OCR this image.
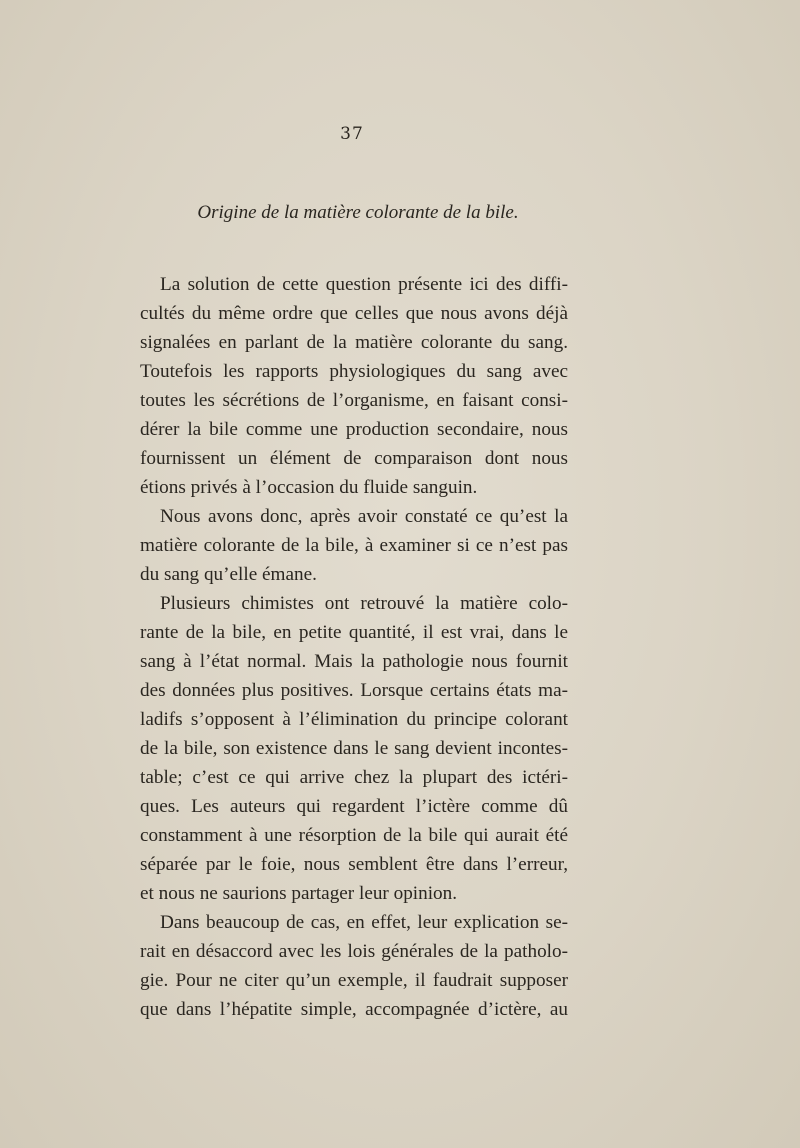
37
Origine de la matière colorante de la bile.
La solution de cette question présente ici des diffi-
cultés du même ordre que celles que nous avons déjà
signalées en parlant de la matière colorante du sang.
Toutefois les rapports physiologiques du sang avec
toutes les sécrétions de l’organisme, en faisant consi-
dérer la bile comme une production secondaire, nous
fournissent un élément de comparaison dont nous
étions privés à l’occasion du fluide sanguin.
Nous avons donc, après avoir constaté ce qu’est la
matière colorante de la bile, à examiner si ce n’est pas
du sang qu’elle émane.
Plusieurs chimistes ont retrouvé la matière colo-
rante de la bile, en petite quantité, il est vrai, dans le
sang à l’état normal. Mais la pathologie nous fournit
des données plus positives. Lorsque certains états ma-
ladifs s’opposent à l’élimination du principe colorant
de la bile, son existence dans le sang devient incontes-
table; c’est ce qui arrive chez la plupart des ictéri-
ques. Les auteurs qui regardent l’ictère comme dû
constamment à une résorption de la bile qui aurait été
séparée par le foie, nous semblent être dans l’erreur,
et nous ne saurions partager leur opinion.
Dans beaucoup de cas, en effet, leur explication se-
rait en désaccord avec les lois générales de la patholo-
gie. Pour ne citer qu’un exemple, il faudrait supposer
que dans l’hépatite simple, accompagnée d’ictère, au
